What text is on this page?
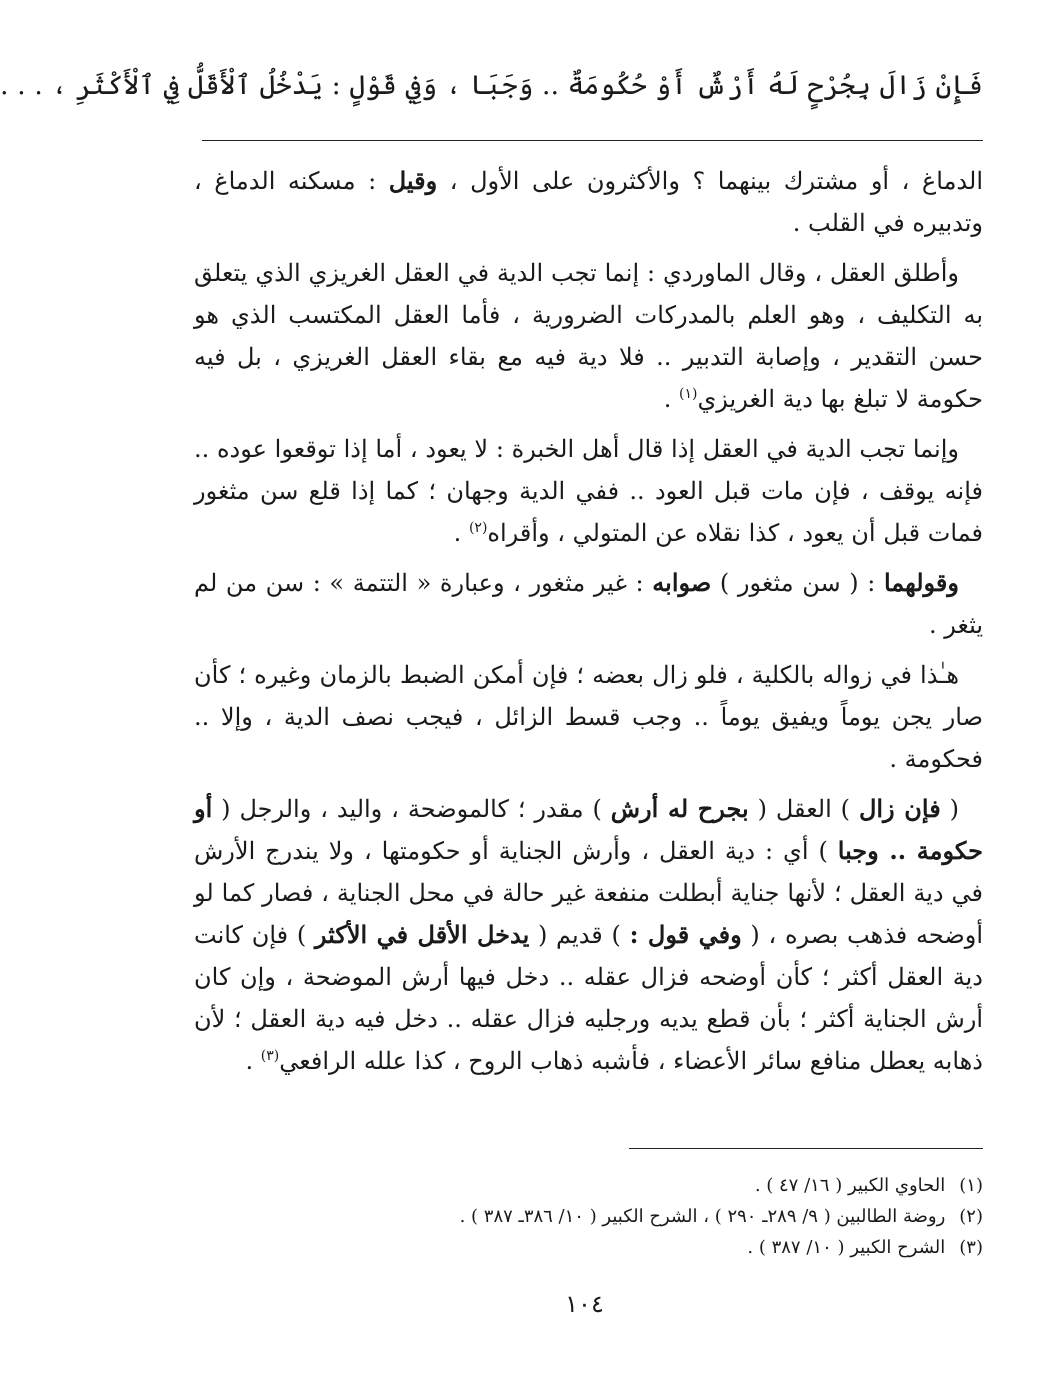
فَإِنْ زَالَ بِجُرْحٍ لَهُ أَرْشٌ أَوْ حُكُومَةٌ .. وَجَبَا ، وَفِي قَوْلٍ : يَدْخُلُ ٱلْأَقَلُّ فِي ٱلْأَكْثَرِ ، . . .

الدماغ ، أو مشترك بينهما ؟ والأكثرون على الأول ، وقيل : مسكنه الدماغ ، وتدبيره في القلب .

وأطلق العقل ، وقال الماوردي : إنما تجب الدية في العقل الغريزي الذي يتعلق به التكليف ، وهو العلم بالمدركات الضرورية ، فأما العقل المكتسب الذي هو حسن التقدير ، وإصابة التدبير .. فلا دية فيه مع بقاء العقل الغريزي ، بل فيه حكومة لا تبلغ بها دية الغريزي$^{(١)}$ .

وإنما تجب الدية في العقل إذا قال أهل الخبرة : لا يعود ، أما إذا توقعوا عوده .. فإنه يوقف ، فإن مات قبل العود .. ففي الدية وجهان ؛ كما إذا قلع سن مثغور فمات قبل أن يعود ، كذا نقلاه عن المتولي ، وأقراه$^{(٢)}$ .

وقولهما : ( سن مثغور ) صوابه : غير مثغور ، وعبارة « التتمة » : سن من لم يثغر .

هـٰذا في زواله بالكلية ، فلو زال بعضه ؛ فإن أمكن الضبط بالزمان وغيره ؛ كأن صار يجن يوماً ويفيق يوماً .. وجب قسط الزائل ، فيجب نصف الدية ، وإلا .. فحكومة .

( فإن زال ) العقل ( بجرح له أرش ) مقدر ؛ كالموضحة ، واليد ، والرجل ( أو حكومة .. وجبا ) أي : دية العقل ، وأرش الجناية أو حكومتها ، ولا يندرج الأرش في دية العقل ؛ لأنها جناية أبطلت منفعة غير حالة في محل الجناية ، فصار كما لو أوضحه فذهب بصره ، ( وفي قول : ) قديم ( يدخل الأقل في الأكثر ) فإن كانت دية العقل أكثر ؛ كأن أوضحه فزال عقله .. دخل فيها أرش الموضحة ، وإن كان أرش الجناية أكثر ؛ بأن قطع يديه ورجليه فزال عقله .. دخل فيه دية العقل ؛ لأن ذهابه يعطل منافع سائر الأعضاء ، فأشبه ذهاب الروح ، كذا علله الرافعي$^{(٣)}$ .

(١)
الحاوي الكبير ( ١٦/ ٤٧ ) .
(٢)
روضة الطالبين ( ٩/ ٢٨٩ـ ٢٩٠ ) ، الشرح الكبير ( ١٠/ ٣٨٦ـ ٣٨٧ ) .
(٣)
الشرح الكبير ( ١٠/ ٣٨٧ ) .
١٠٤
